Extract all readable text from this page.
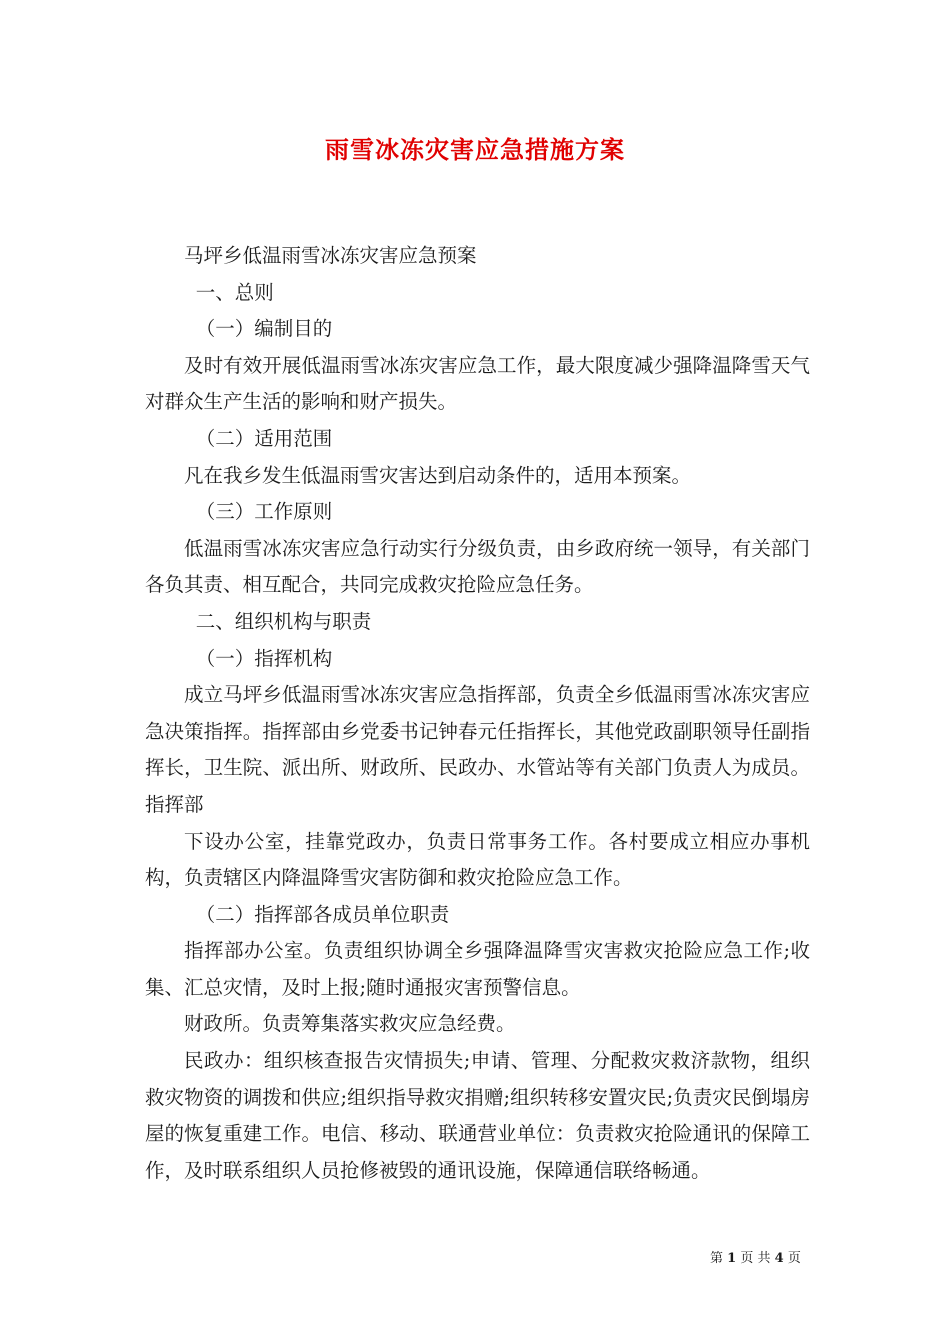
雨雪冰冻灾害应急措施方案

马坪乡低温雨雪冰冻灾害应急预案

一、总则

（一）编制目的

及时有效开展低温雨雪冰冻灾害应急工作，最大限度减少强降温降雪天气对群众生产生活的影响和财产损失。

（二）适用范围

凡在我乡发生低温雨雪灾害达到启动条件的，适用本预案。

（三）工作原则

低温雨雪冰冻灾害应急行动实行分级负责，由乡政府统一领导，有关部门各负其责、相互配合，共同完成救灾抢险应急任务。

二、组织机构与职责

（一）指挥机构

成立马坪乡低温雨雪冰冻灾害应急指挥部，负责全乡低温雨雪冰冻灾害应急决策指挥。指挥部由乡党委书记钟春元任指挥长，其他党政副职领导任副指挥长，卫生院、派出所、财政所、民政办、水管站等有关部门负责人为成员。指挥部

下设办公室，挂靠党政办，负责日常事务工作。各村要成立相应办事机构，负责辖区内降温降雪灾害防御和救灾抢险应急工作。

（二）指挥部各成员单位职责

指挥部办公室。负责组织协调全乡强降温降雪灾害救灾抢险应急工作;收集、汇总灾情，及时上报;随时通报灾害预警信息。

财政所。负责筹集落实救灾应急经费。

民政办：组织核查报告灾情损失;申请、管理、分配救灾救济款物，组织救灾物资的调拨和供应;组织指导救灾捐赠;组织转移安置灾民;负责灾民倒塌房屋的恢复重建工作。电信、移动、联通营业单位：负责救灾抢险通讯的保障工作，及时联系组织人员抢修被毁的通讯设施，保障通信联络畅通。

第 1 页 共 4 页
